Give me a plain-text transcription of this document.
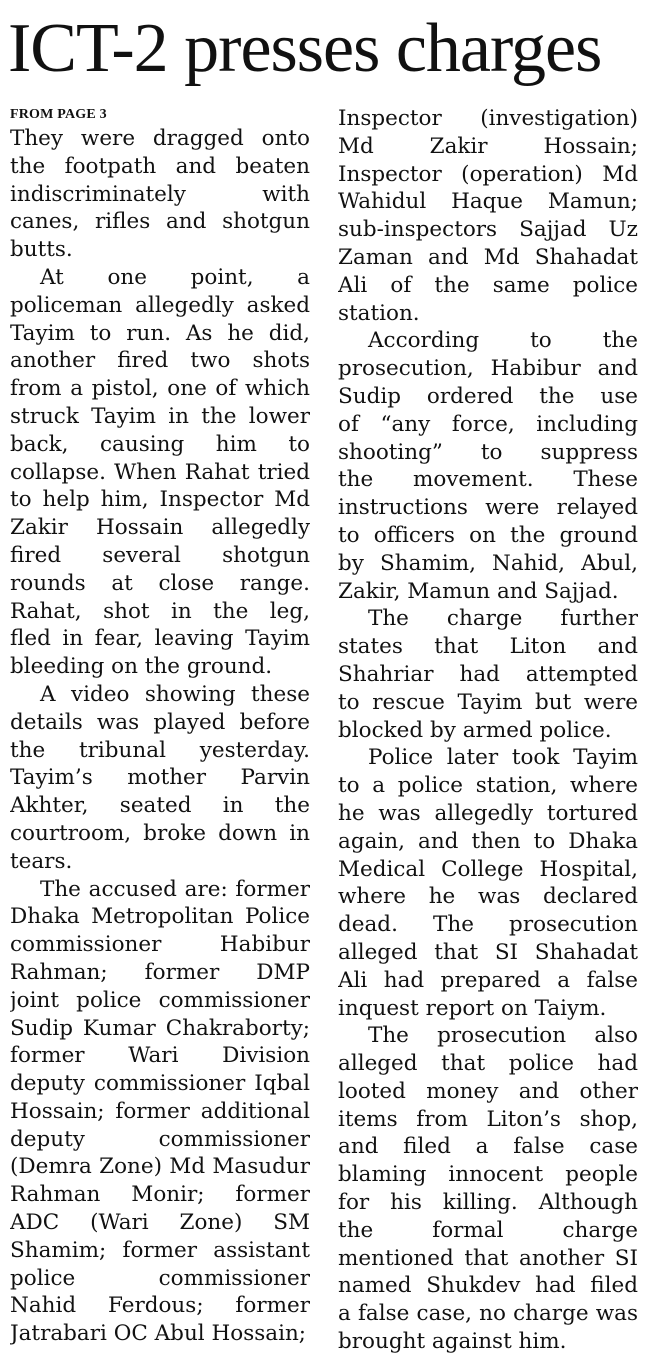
ICT-2 presses charges
FROM PAGE 3
They were dragged onto
the footpath and beaten
indiscriminately with
canes, rifles and shotgun
butts.
At one point, a
policeman allegedly asked
Tayim to run. As he did,
another fired two shots
from a pistol, one of which
struck Tayim in the lower
back, causing him to
collapse. When Rahat tried
to help him, Inspector Md
Zakir Hossain allegedly
fired several shotgun
rounds at close range.
Rahat, shot in the leg,
fled in fear, leaving Tayim
bleeding on the ground.
A video showing these
details was played before
the tribunal yesterday.
Tayim’s mother Parvin
Akhter, seated in the
courtroom, broke down in
tears.
The accused are: former
Dhaka Metropolitan Police
commissioner Habibur
Rahman; former DMP
joint police commissioner
Sudip Kumar Chakraborty;
former Wari Division
deputy commissioner Iqbal
Hossain; former additional
deputy commissioner
(Demra Zone) Md Masudur
Rahman Monir; former
ADC (Wari Zone) SM
Shamim; former assistant
police commissioner
Nahid Ferdous; former
Jatrabari OC Abul Hossain;
Inspector (investigation)
Md Zakir Hossain;
Inspector (operation) Md
Wahidul Haque Mamun;
sub-inspectors Sajjad Uz
Zaman and Md Shahadat
Ali of the same police
station.
According to the
prosecution, Habibur and
Sudip ordered the use
of “any force, including
shooting” to suppress
the movement. These
instructions were relayed
to officers on the ground
by Shamim, Nahid, Abul,
Zakir, Mamun and Sajjad.
The charge further
states that Liton and
Shahriar had attempted
to rescue Tayim but were
blocked by armed police.
Police later took Tayim
to a police station, where
he was allegedly tortured
again, and then to Dhaka
Medical College Hospital,
where he was declared
dead. The prosecution
alleged that SI Shahadat
Ali had prepared a false
inquest report on Taiym.
The prosecution also
alleged that police had
looted money and other
items from Liton’s shop,
and filed a false case
blaming innocent people
for his killing. Although
the formal charge
mentioned that another SI
named Shukdev had filed
a false case, no charge was
brought against him.
